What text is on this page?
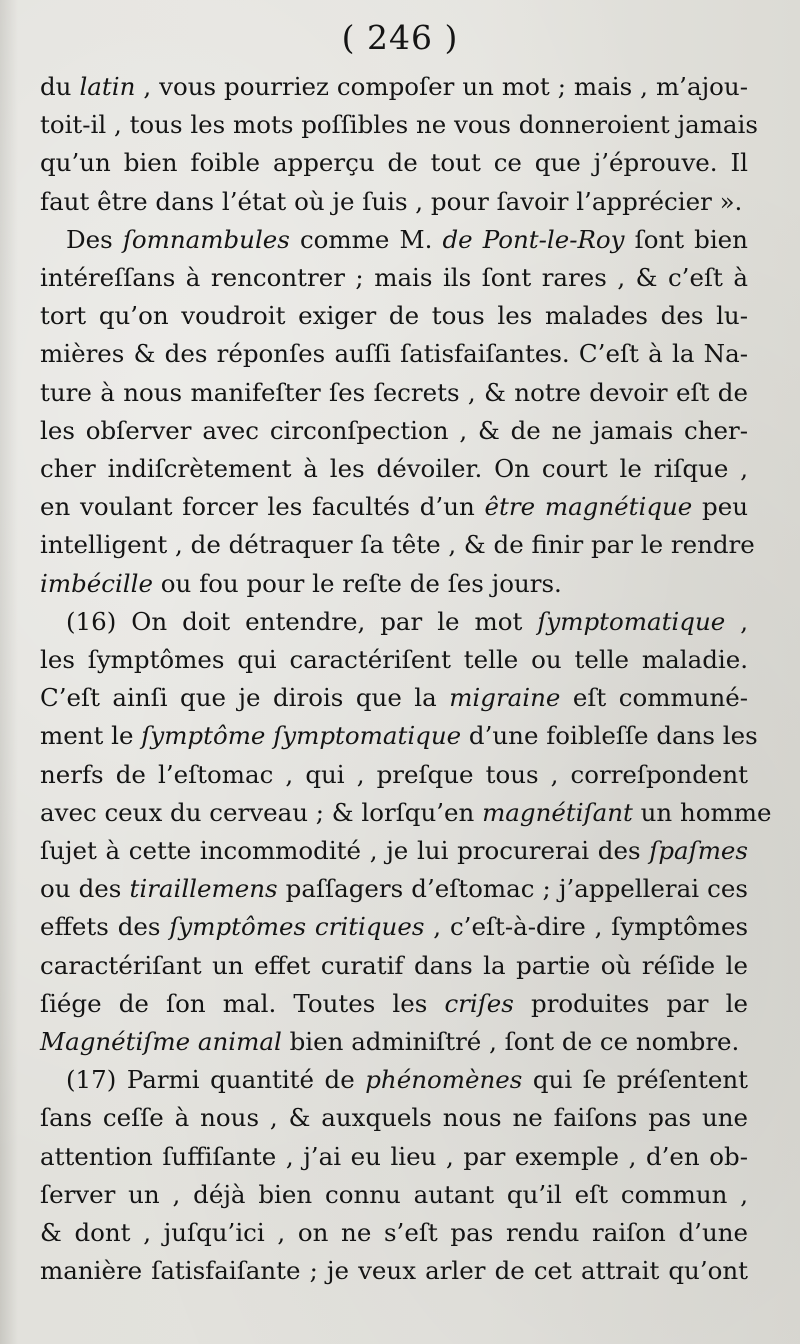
( 246 )
du latin , vous pourriez compoſer un mot ; mais , m’ajou-
toit-il , tous les mots poſſibles ne vous donneroient jamais
qu’un bien foible apperçu de tout ce que j’éprouve. Il
faut être dans l’état où je ſuis , pour ſavoir l’apprécier ».
Des ſomnambules comme M. de Pont-le-Roy ſont bien
intéreſſans à rencontrer ; mais ils ſont rares , & c’eſt à
tort qu’on voudroit exiger de tous les malades des lu-
mières & des réponſes auſſi ſatisfaiſantes. C’eſt à la Na-
ture à nous manifeſter ſes ſecrets , & notre devoir eſt de
les obſerver avec circonſpection , & de ne jamais cher-
cher indiſcrètement à les dévoiler. On court le riſque ,
en voulant forcer les facultés d’un être magnétique peu
intelligent , de détraquer ſa tête , & de finir par le rendre
imbécille ou fou pour le reſte de ſes jours.
(16) On doit entendre, par le mot ſymptomatique ,
les ſymptômes qui caractériſent telle ou telle maladie.
C’eſt ainſi que je dirois que la migraine eſt communé-
ment le ſymptôme ſymptomatique d’une foibleſſe dans les
nerfs de l’eſtomac , qui , preſque tous , correſpondent
avec ceux du cerveau ; & lorſqu’en magnétiſant un homme
ſujet à cette incommodité , je lui procurerai des ſpaſmes
ou des tiraillemens paſſagers d’eſtomac ; j’appellerai ces
effets des ſymptômes critiques , c’eſt-à-dire , ſymptômes
caractériſant un effet curatif dans la partie où réſide le
ſiége de ſon mal. Toutes les criſes produites par le
Magnétiſme animal bien adminiſtré , ſont de ce nombre.
(17) Parmi quantité de phénomènes qui ſe préſentent
ſans ceſſe à nous , & auxquels nous ne faiſons pas une
attention ſuffiſante , j’ai eu lieu , par exemple , d’en ob-
ſerver un , déjà bien connu autant qu’il eſt commun ,
& dont , juſqu’ici , on ne s’eſt pas rendu raiſon d’une
manière ſatisfaiſante ; je veux arler de cet attrait qu’ont
